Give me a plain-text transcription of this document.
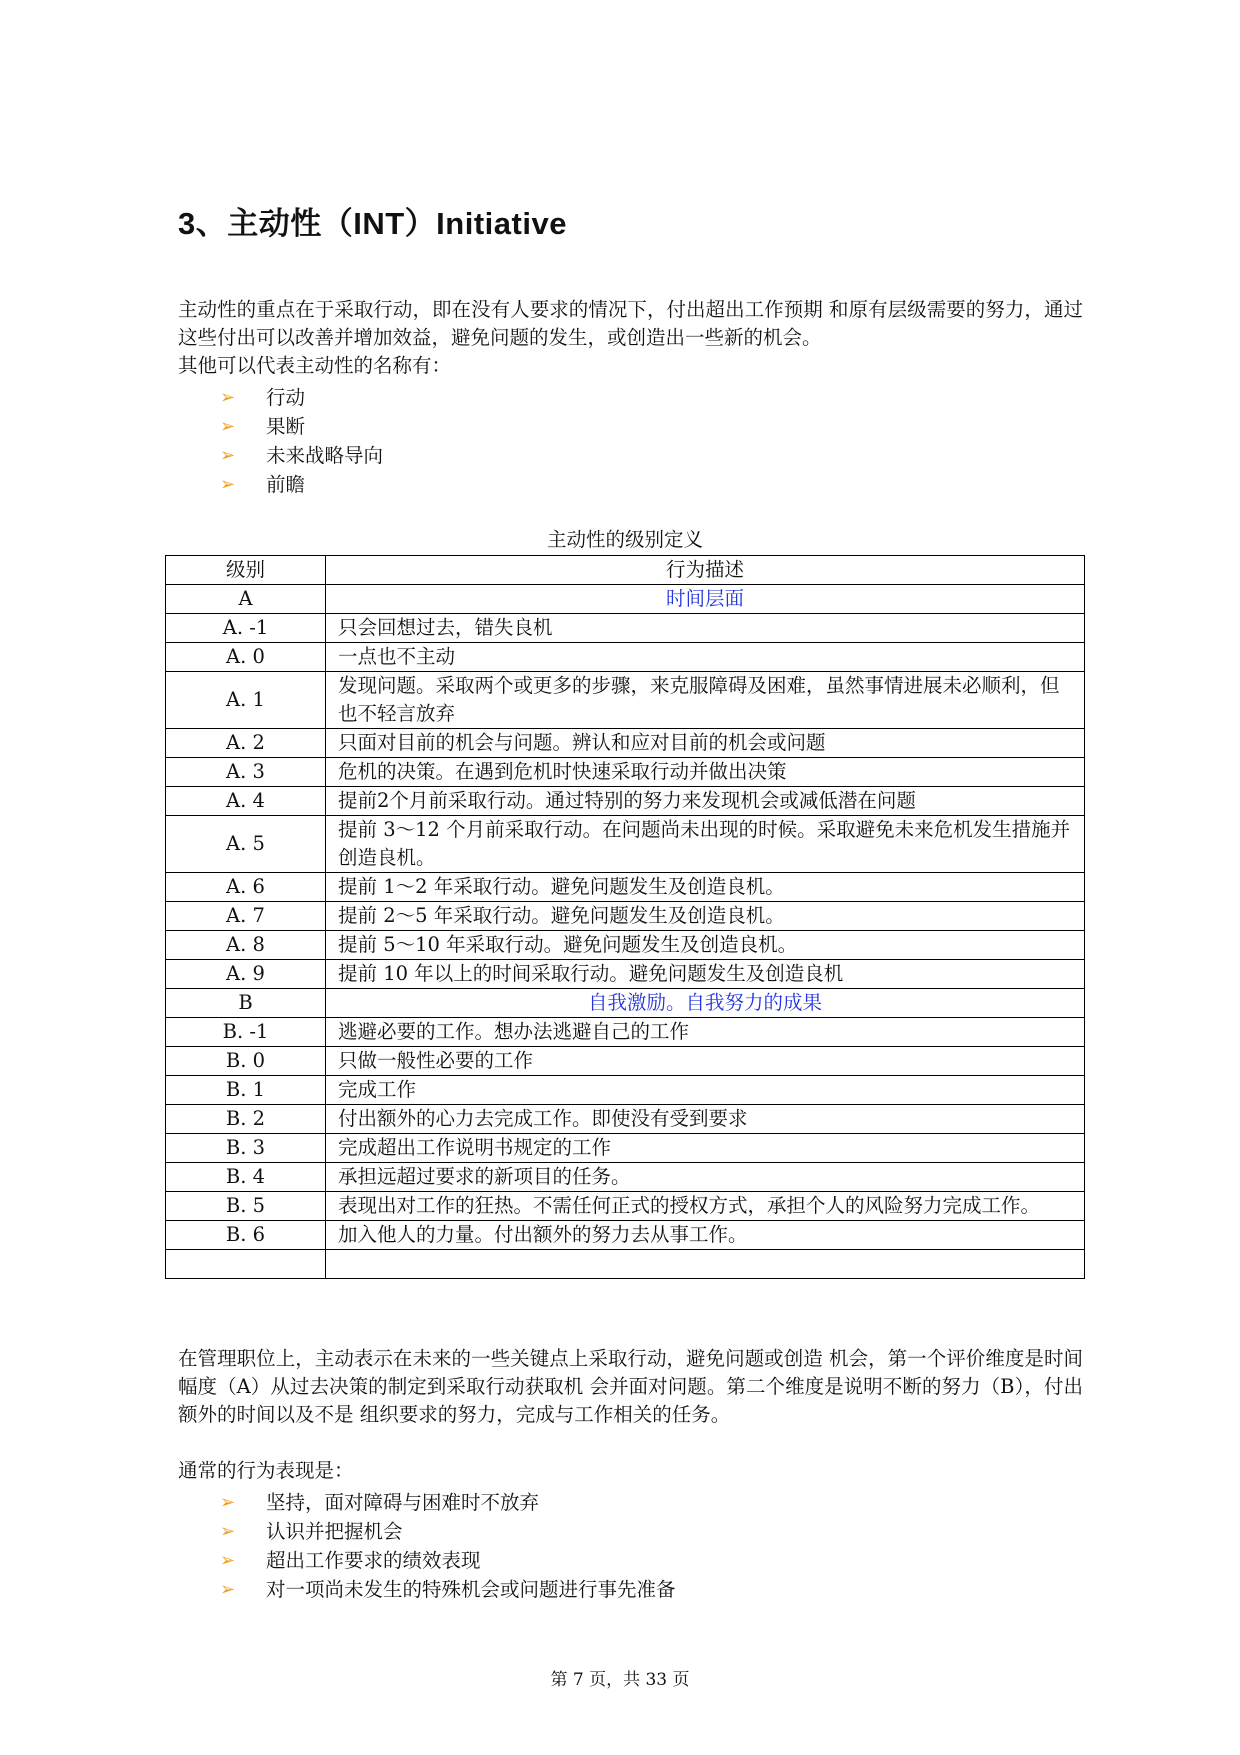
3、主动性（INT）Initiative

主动性的重点在于采取行动，即在没有人要求的情况下，付出超出工作预期 和原有层级需要的努力，通过这些付出可以改善并增加效益，避免问题的发生，或创造出一些新的机会。

其他可以代表主动性的名称有：

➢ 行动
➢ 果断
➢ 未来战略导向
➢ 前瞻

主动性的级别定义

级别	行为描述
A	时间层面
A. -1	只会回想过去，错失良机
A. 0	一点也不主动
A. 1	发现问题。采取两个或更多的步骤，来克服障碍及困难，虽然事情进展未必顺利，但也不轻言放弃
A. 2	只面对目前的机会与问题。辨认和应对目前的机会或问题
A. 3	危机的决策。在遇到危机时快速采取行动并做出决策
A. 4	提前2个月前采取行动。通过特别的努力来发现机会或减低潜在问题
A. 5	提前 3～12 个月前采取行动。在问题尚未出现的时候。采取避免未来危机发生措施并创造良机。
A. 6	提前 1～2 年采取行动。避免问题发生及创造良机。
A. 7	提前 2～5 年采取行动。避免问题发生及创造良机。
A. 8	提前 5～10 年采取行动。避免问题发生及创造良机。
A. 9	提前 10 年以上的时间采取行动。避免问题发生及创造良机
B	自我激励。自我努力的成果
B. -1	逃避必要的工作。想办法逃避自己的工作
B. 0	只做一般性必要的工作
B. 1	完成工作
B. 2	付出额外的心力去完成工作。即使没有受到要求
B. 3	完成超出工作说明书规定的工作
B. 4	承担远超过要求的新项目的任务。
B. 5	表现出对工作的狂热。不需任何正式的授权方式，承担个人的风险努力完成工作。
B. 6	加入他人的力量。付出额外的努力去从事工作。

在管理职位上，主动表示在未来的一些关键点上采取行动，避免问题或创造 机会，第一个评价维度是时间幅度（A）从过去决策的制定到采取行动获取机 会并面对问题。第二个维度是说明不断的努力（B），付出额外的时间以及不是 组织要求的努力，完成与工作相关的任务。

通常的行为表现是：

➢ 坚持，面对障碍与困难时不放弃
➢ 认识并把握机会
➢ 超出工作要求的绩效表现
➢ 对一项尚未发生的特殊机会或问题进行事先准备

第 7 页，共 33 页
